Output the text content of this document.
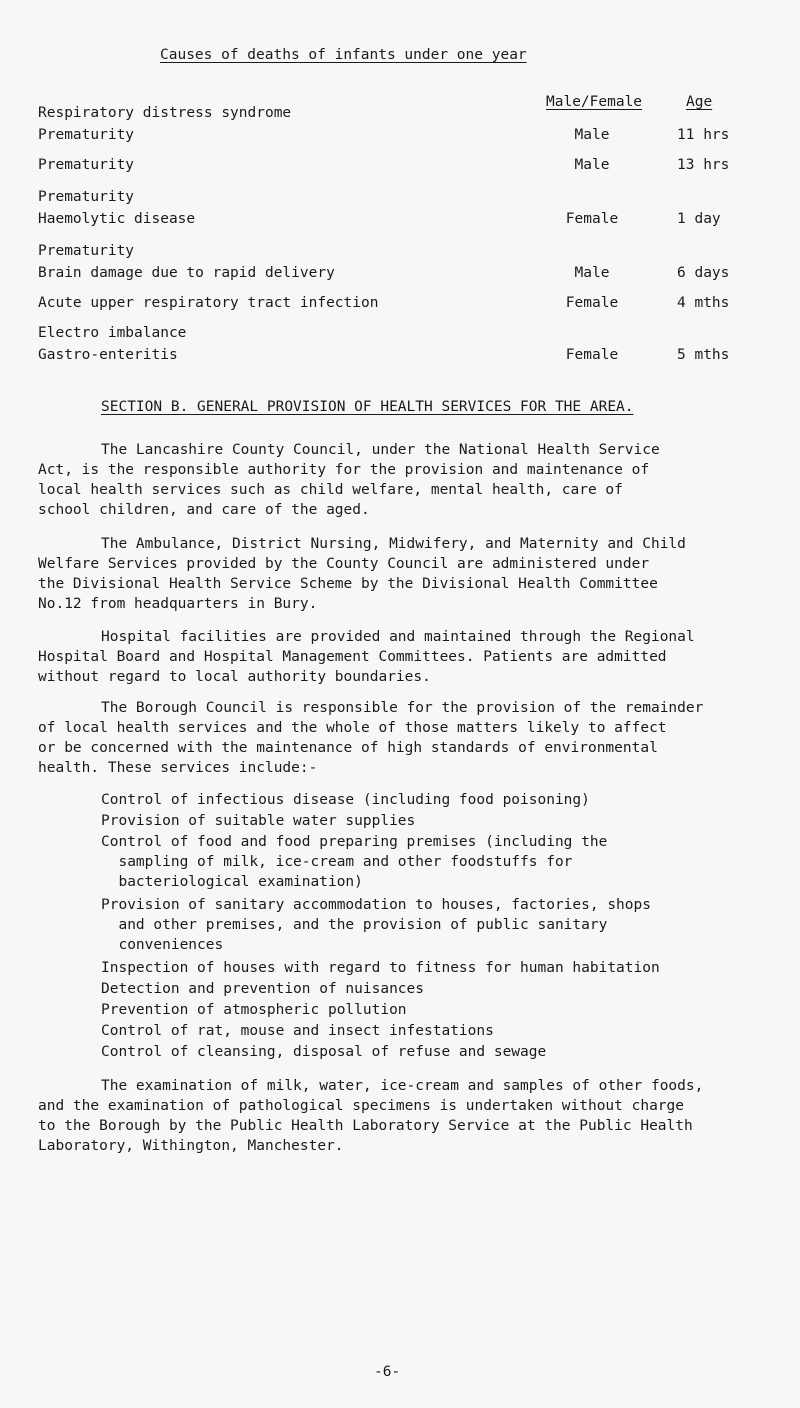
Causes of deaths of infants under one year
Male/Female	Age
Respiratory distress syndrome
Prematurity	Male	11 hrs
Prematurity	Male	13 hrs
Prematurity
Haemolytic disease	Female	1 day
Prematurity
Brain damage due to rapid delivery	Male	6 days
Acute upper respiratory tract infection	Female	4 mths
Electro imbalance
Gastro-enteritis	Female	5 mths
SECTION B. GENERAL PROVISION OF HEALTH SERVICES FOR THE AREA.
The Lancashire County Council, under the National Health Service
Act, is the responsible authority for the provision and maintenance of
local health services such as child welfare, mental health, care of
school children, and care of the aged.
The Ambulance, District Nursing, Midwifery, and Maternity and Child
Welfare Services provided by the County Council are administered under
the Divisional Health Service Scheme by the Divisional Health Committee
No.12 from headquarters in Bury.
Hospital facilities are provided and maintained through the Regional
Hospital Board and Hospital Management Committees. Patients are admitted
without regard to local authority boundaries.
The Borough Council is responsible for the provision of the remainder
of local health services and the whole of those matters likely to affect
or be concerned with the maintenance of high standards of environmental
health. These services include:-
Control of infectious disease (including food poisoning)
Provision of suitable water supplies
Control of food and food preparing premises (including the
sampling of milk, ice-cream and other foodstuffs for
bacteriological examination)
Provision of sanitary accommodation to houses, factories, shops
and other premises, and the provision of public sanitary
conveniences
Inspection of houses with regard to fitness for human habitation
Detection and prevention of nuisances
Prevention of atmospheric pollution
Control of rat, mouse and insect infestations
Control of cleansing, disposal of refuse and sewage
The examination of milk, water, ice-cream and samples of other foods,
and the examination of pathological specimens is undertaken without charge
to the Borough by the Public Health Laboratory Service at the Public Health
Laboratory, Withington, Manchester.
-6-
